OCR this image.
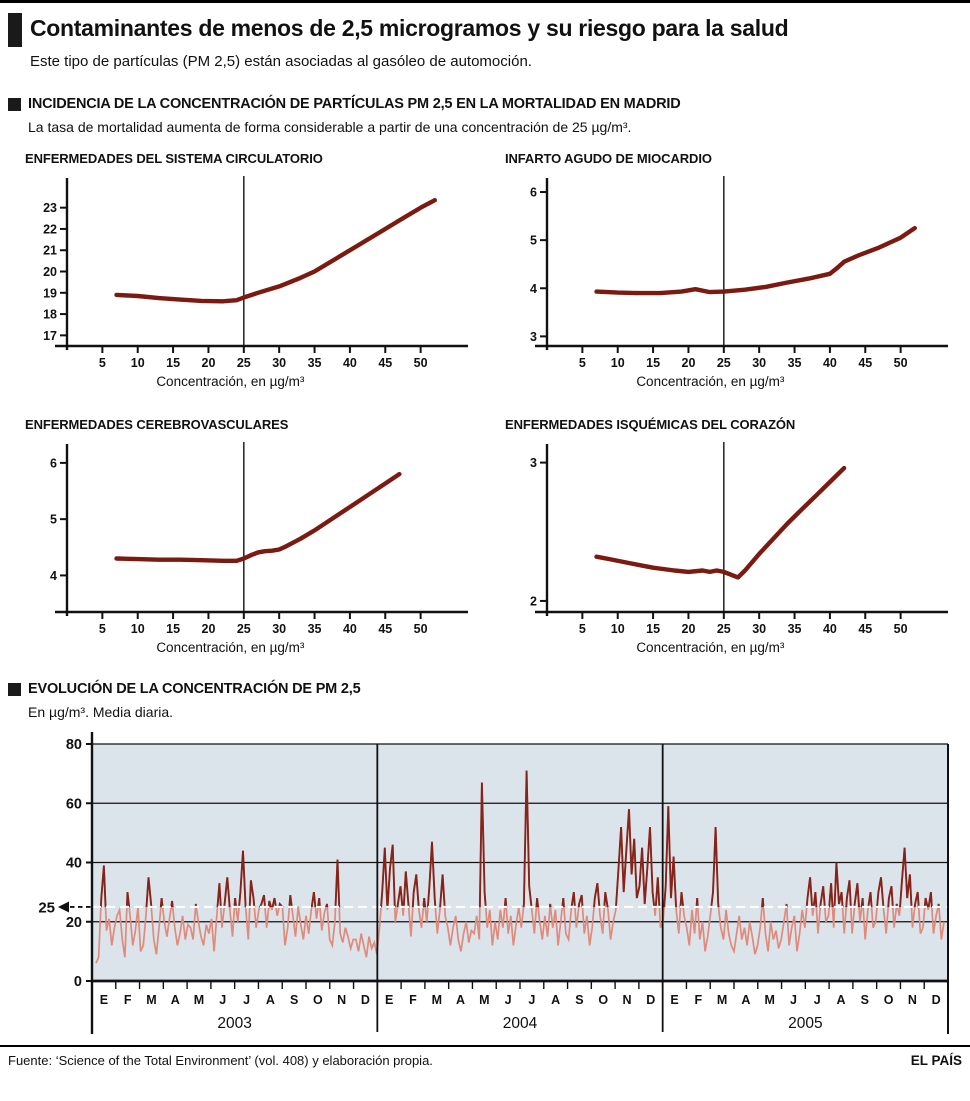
Contaminantes de menos de 2,5 microgramos y su riesgo para la salud
Este tipo de partículas (PM 2,5) están asociadas al gasóleo de automoción.
INCIDENCIA DE LA CONCENTRACIÓN DE PARTÍCULAS PM 2,5 EN LA MORTALIDAD EN MADRID
La tasa de mortalidad aumenta de forma considerable a partir de una concentración de 25 µg/m³.
ENFERMEDADES DEL SISTEMA CIRCULATORIO
17
18
19
20
21
22
23
5 10 15 20 25 30 35 40 45 50
Concentración, en µg/m³
INFARTO AGUDO DE MIOCARDIO
3
4
5
6
5 10 15 20 25 30 35 40 45 50
Concentración, en µg/m³
ENFERMEDADES CEREBROVASCULARES
4
5
6
5 10 15 20 25 30 35 40 45 50
Concentración, en µg/m³
ENFERMEDADES ISQUÉMICAS DEL CORAZÓN
2
3
5 10 15 20 25 30 35 40 45 50
Concentración, en µg/m³
EVOLUCIÓN DE LA CONCENTRACIÓN DE PM 2,5
En µg/m³. Media diaria.
0
20
40
60
80
25
E F M A M J J A S O N D
2003
E F M A M J J A S O N D
2004
E F M A M J J A S O N D
2005
Fuente: ‘Science of the Total Environment’ (vol. 408) y elaboración propia.	EL PAÍS
